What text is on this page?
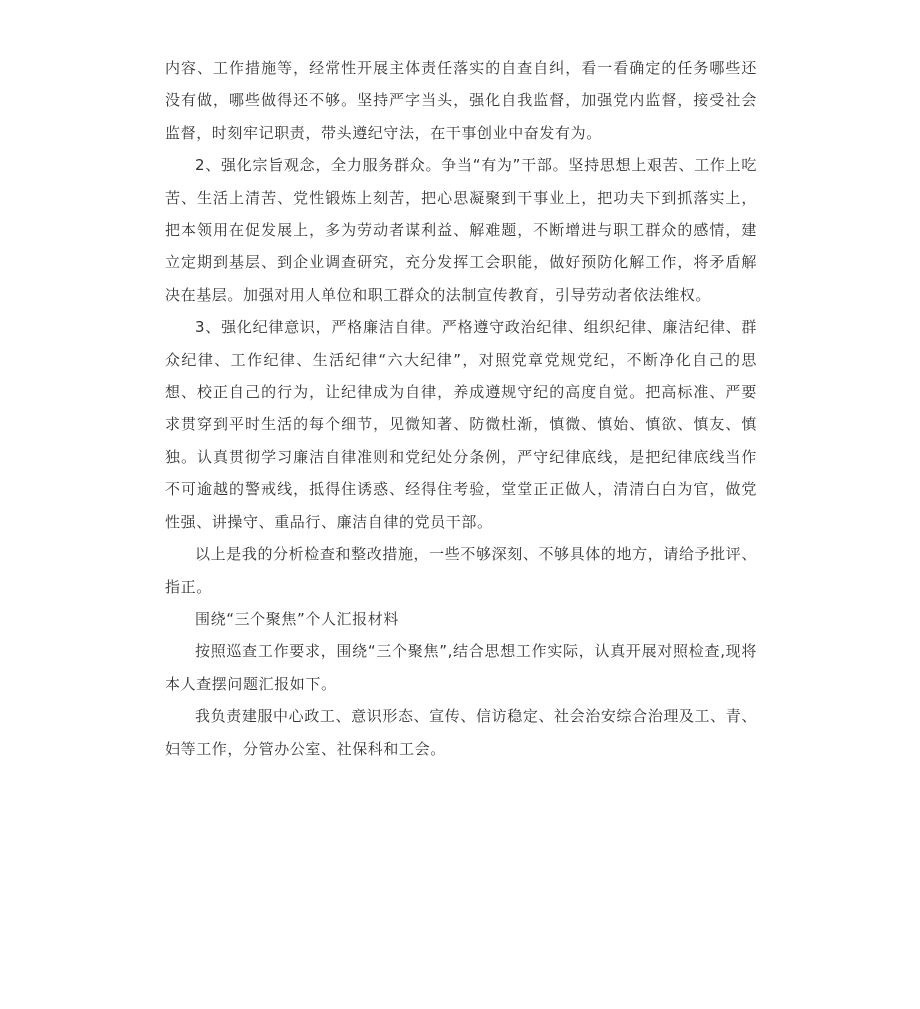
内容、工作措施等，经常性开展主体责任落实的自查自纠，看一看确定的任务哪些还没有做，哪些做得还不够。坚持严字当头，强化自我监督，加强党内监督，接受社会监督，时刻牢记职责，带头遵纪守法，在干事创业中奋发有为。

2、强化宗旨观念，全力服务群众。争当“有为”干部。坚持思想上艰苦、工作上吃苦、生活上清苦、党性锻炼上刻苦，把心思凝聚到干事业上，把功夫下到抓落实上，把本领用在促发展上，多为劳动者谋利益、解难题，不断增进与职工群众的感情，建立定期到基层、到企业调查研究，充分发挥工会职能，做好预防化解工作，将矛盾解决在基层。加强对用人单位和职工群众的法制宣传教育，引导劳动者依法维权。

3、强化纪律意识，严格廉洁自律。严格遵守政治纪律、组织纪律、廉洁纪律、群众纪律、工作纪律、生活纪律“六大纪律”，对照党章党规党纪，不断净化自己的思想、校正自己的行为，让纪律成为自律，养成遵规守纪的高度自觉。把高标准、严要求贯穿到平时生活的每个细节，见微知著、防微杜渐，慎微、慎始、慎欲、慎友、慎独。认真贯彻学习廉洁自律准则和党纪处分条例，严守纪律底线，是把纪律底线当作不可逾越的警戒线，抵得住诱惑、经得住考验，堂堂正正做人，清清白白为官，做党性强、讲操守、重品行、廉洁自律的党员干部。

以上是我的分析检查和整改措施，一些不够深刻、不够具体的地方，请给予批评、指正。

围绕“三个聚焦”个人汇报材料

按照巡查工作要求，围绕“三个聚焦”,结合思想工作实际，认真开展对照检查,现将本人查摆问题汇报如下。

我负责建服中心政工、意识形态、宣传、信访稳定、社会治安综合治理及工、青、妇等工作，分管办公室、社保科和工会。
